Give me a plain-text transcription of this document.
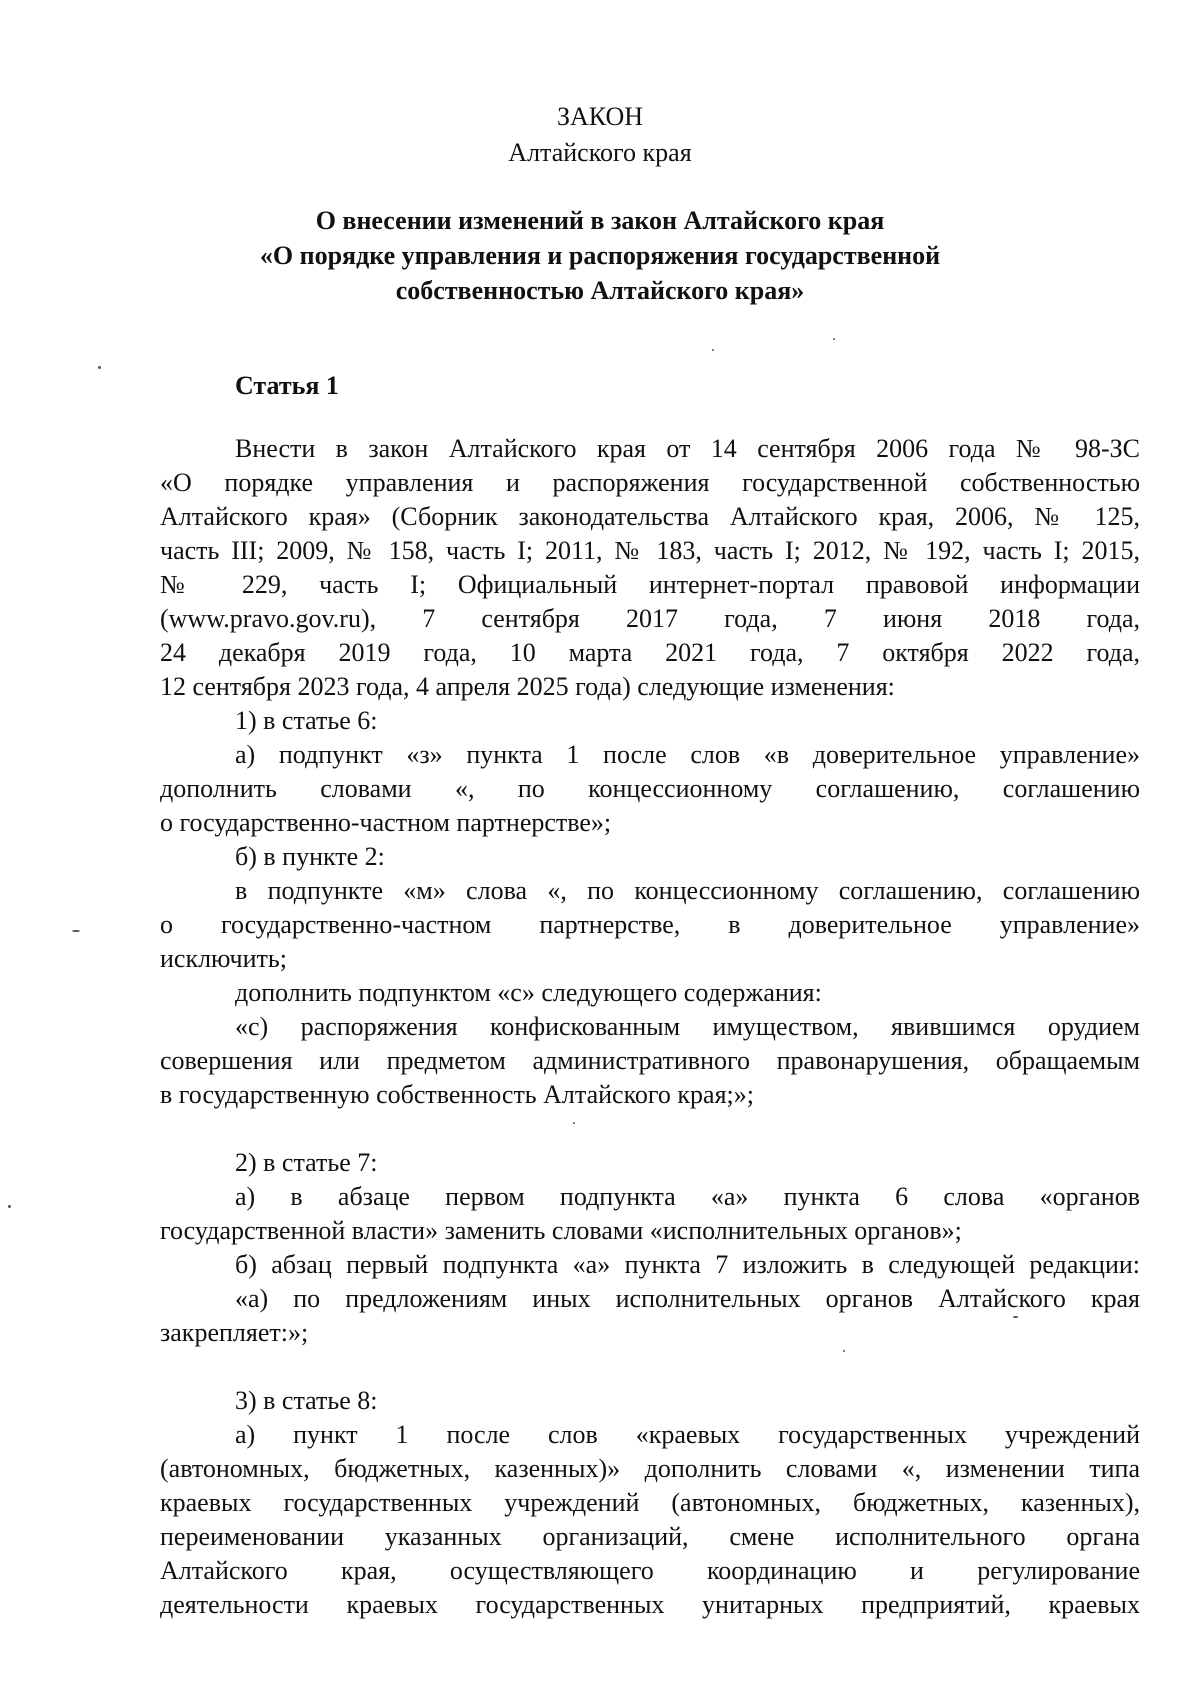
ЗАКОН
Алтайского края
О внесении изменений в закон Алтайского края
«О порядке управления и распоряжения государственной
собственностью Алтайского края»
Статья 1
Внести в закон Алтайского края от 14 сентября 2006 года № 98-ЗС
«О порядке управления и распоряжения государственной собственностью
Алтайского края» (Сборник законодательства Алтайского края, 2006, № 125,
часть III; 2009, № 158, часть I; 2011, № 183, часть I; 2012, № 192, часть I; 2015,
№ 229, часть I; Официальный интернет-портал правовой информации
(www.pravo.gov.ru), 7 сентября 2017 года, 7 июня 2018 года,
24 декабря 2019 года, 10 марта 2021 года, 7 октября 2022 года,
12 сентября 2023 года, 4 апреля 2025 года) следующие изменения:
1) в статье 6:
а) подпункт «з» пункта 1 после слов «в доверительное управление»
дополнить словами «, по концессионному соглашению, соглашению
о государственно-частном партнерстве»;
б) в пункте 2:
в подпункте «м» слова «, по концессионному соглашению, соглашению
о государственно-частном партнерстве, в доверительное управление»
исключить;
дополнить подпунктом «с» следующего содержания:
«с) распоряжения конфискованным имуществом, явившимся орудием
совершения или предметом административного правонарушения, обращаемым
в государственную собственность Алтайского края;»;
2) в статье 7:
а) в абзаце первом подпункта «а» пункта 6 слова «органов
государственной власти» заменить словами «исполнительных органов»;
б) абзац первый подпункта «а» пункта 7 изложить в следующей редакции:
«а) по предложениям иных исполнительных органов Алтайского края
закрепляет:»;
3) в статье 8:
а) пункт 1 после слов «краевых государственных учреждений
(автономных, бюджетных, казенных)» дополнить словами «, изменении типа
краевых государственных учреждений (автономных, бюджетных, казенных),
переименовании указанных организаций, смене исполнительного органа
Алтайского края, осуществляющего координацию и регулирование
деятельности краевых государственных унитарных предприятий, краевых
